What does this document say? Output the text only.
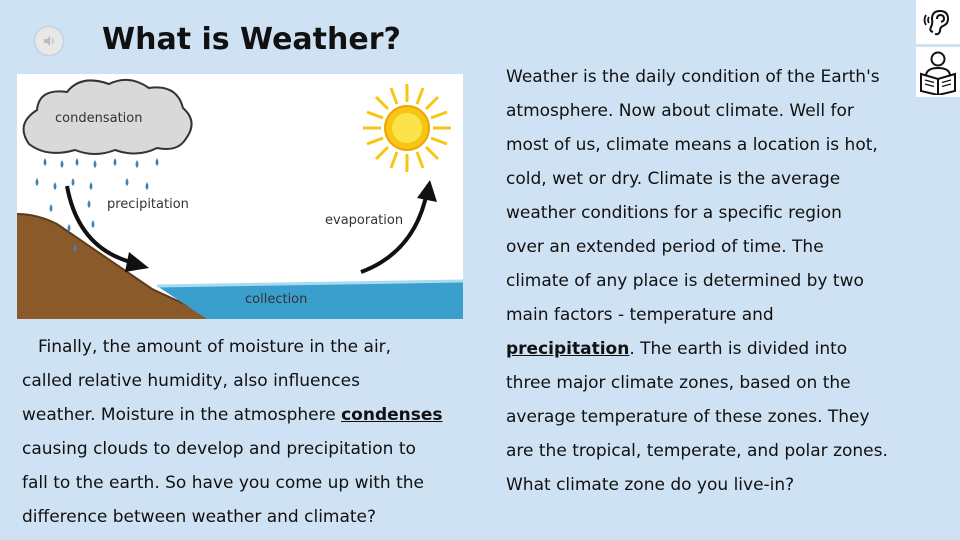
What is Weather?
condensation
precipitation
evaporation
collection
Finally, the amount of moisture in the air,
called relative humidity, also influences
weather. Moisture in the atmosphere condenses
causing clouds to develop and precipitation to
fall to the earth. So have you come up with the
difference between weather and climate?
Weather is the daily condition of the Earth's
atmosphere. Now about climate. Well for
most of us, climate means a location is hot,
cold, wet or dry. Climate is the average
weather conditions for a specific region
over an extended period of time. The
climate of any place is determined by two
main factors - temperature and
precipitation. The earth is divided into
three major climate zones, based on the
average temperature of these zones. They
are the tropical, temperate, and polar zones.
What climate zone do you live-in?
